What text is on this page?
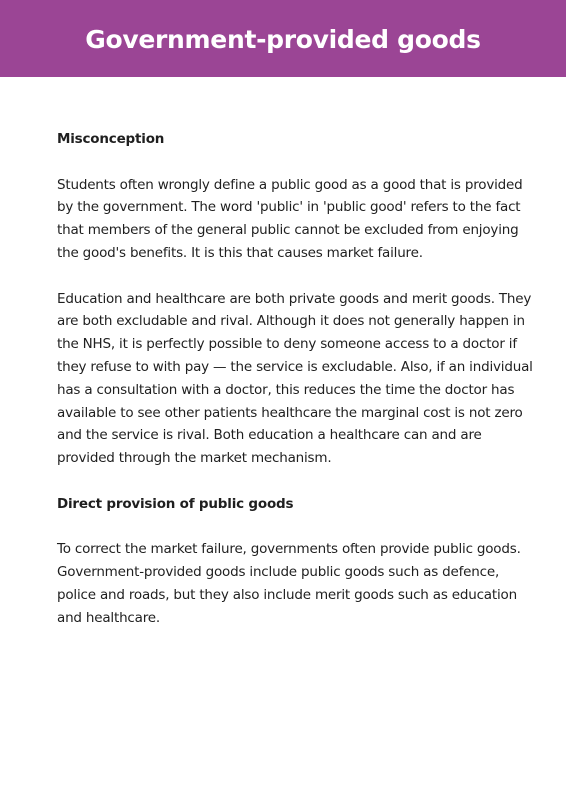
Government-provided goods
Misconception

Students often wrongly define a public good as a good that is provided by the government. The word 'public' in 'public good' refers to the fact that members of the general public cannot be excluded from enjoying the good's benefits. It is this that causes market failure.

Education and healthcare are both private goods and merit goods. They are both excludable and rival. Although it does not generally happen in the NHS, it is perfectly possible to deny someone access to a doctor if they refuse to with pay — the service is excludable. Also, if an individual has a consultation with a doctor, this reduces the time the doctor has available to see other patients healthcare the marginal cost is not zero and the service is rival. Both education a healthcare can and are provided through the market mechanism.

Direct provision of public goods

To correct the market failure, governments often provide public goods. Government-provided goods include public goods such as defence, police and roads, but they also include merit goods such as education and healthcare.
